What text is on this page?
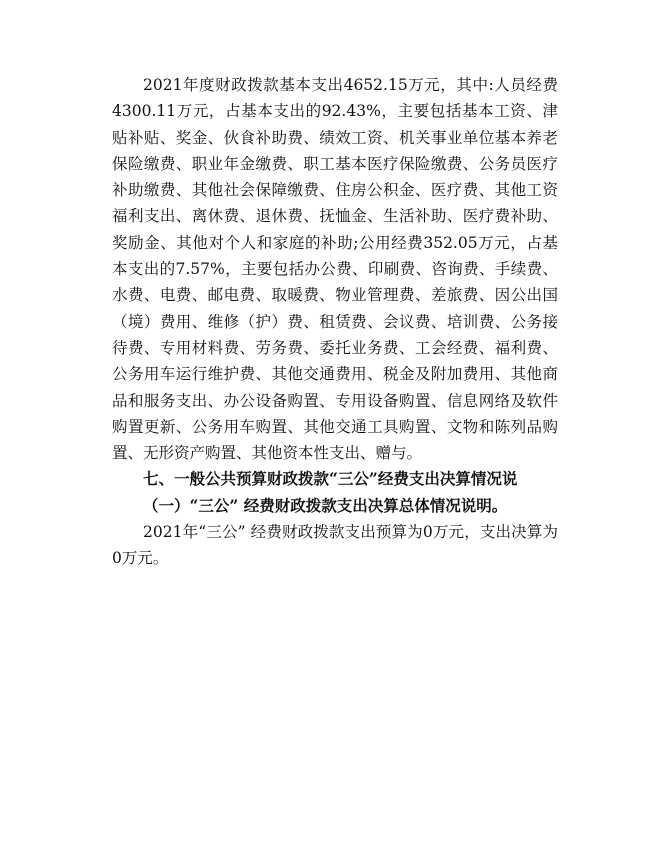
2021年度财政拨款基本支出4652.15万元，其中:人员经费4300.11万元，占基本支出的92.43%，主要包括基本工资、津贴补贴、奖金、伙食补助费、绩效工资、机关事业单位基本养老保险缴费、职业年金缴费、职工基本医疗保险缴费、公务员医疗补助缴费、其他社会保障缴费、住房公积金、医疗费、其他工资福利支出、离休费、退休费、抚恤金、生活补助、医疗费补助、奖励金、其他对个人和家庭的补助;公用经费352.05万元，占基本支出的7.57%，主要包括办公费、印刷费、咨询费、手续费、水费、电费、邮电费、取暖费、物业管理费、差旅费、因公出国（境）费用、维修（护）费、租赁费、会议费、培训费、公务接待费、专用材料费、劳务费、委托业务费、工会经费、福利费、公务用车运行维护费、其他交通费用、税金及附加费用、其他商品和服务支出、办公设备购置、专用设备购置、信息网络及软件购置更新、公务用车购置、其他交通工具购置、文物和陈列品购置、无形资产购置、其他资本性支出、赠与。

七、一般公共预算财政拨款“三公”经费支出决算情况说

（一）“三公” 经费财政拨款支出决算总体情况说明。

2021年“三公” 经费财政拨款支出预算为0万元，支出决算为0万元。
